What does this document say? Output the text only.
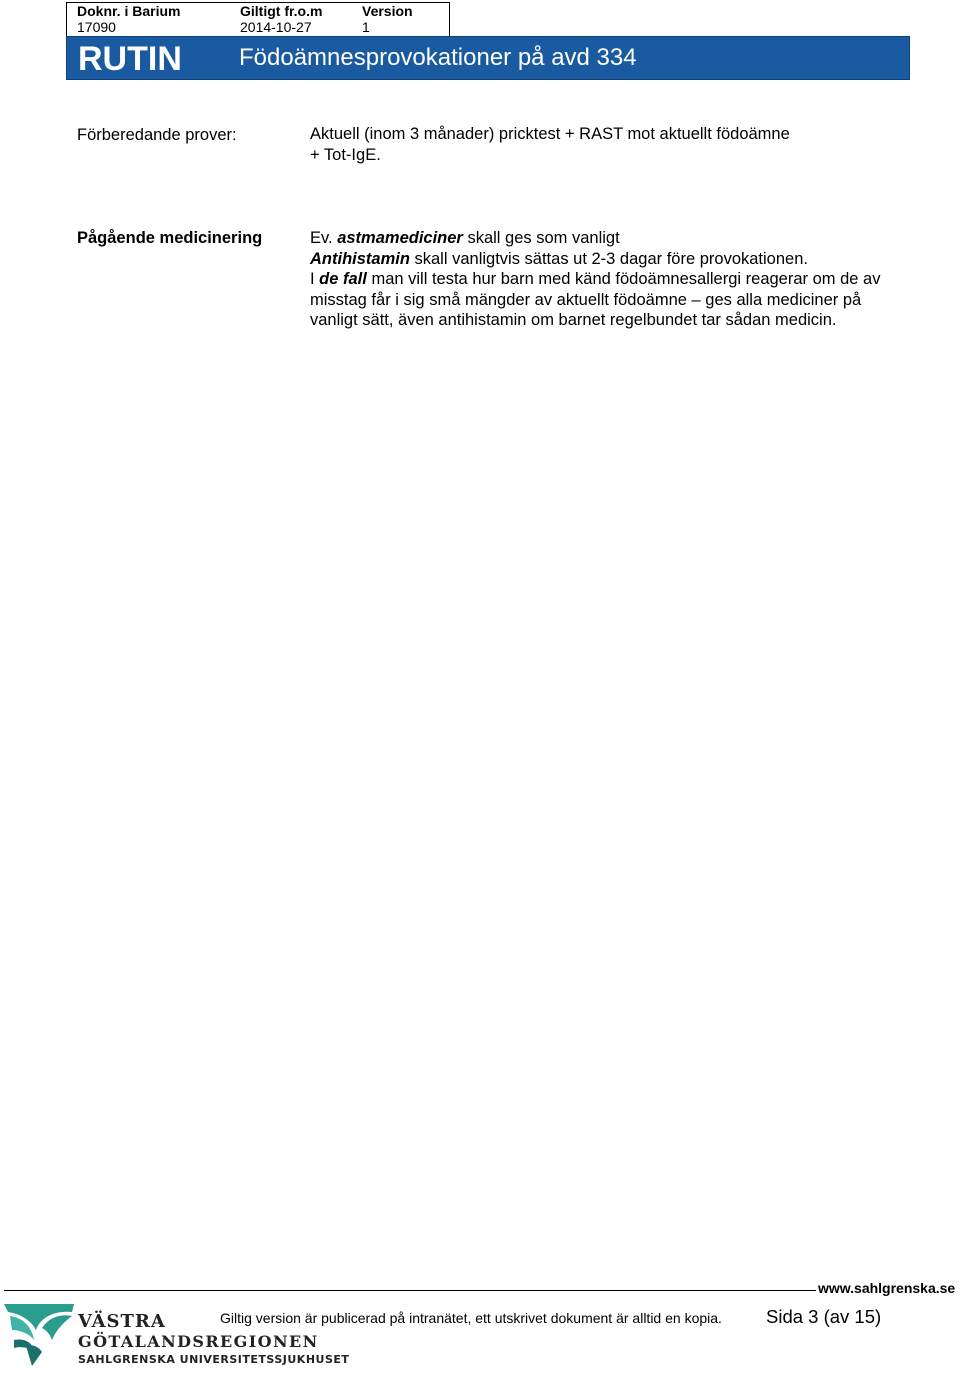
Doknr. i Barium
17090
Giltigt fr.o.m
2014-10-27
Version
1
RUTIN Födoämnesprovokationer på avd 334
Förberedande prover:	Aktuell (inom 3 månader) pricktest + RAST mot aktuellt födoämne

+ Tot-IgE.

Pågående medicinering	Ev. astmamediciner skall ges som vanligt

Antihistamin skall vanligtvis sättas ut 2-3 dagar före provokationen.

I de fall man vill testa hur barn med känd födoämnesallergi reagerar om de av misstag får i sig små mängder av aktuellt födoämne – ges alla mediciner på vanligt sätt, även antihistamin om barnet regelbundet tar sådan medicin.

www.sahlgrenska.se
VÄSTRA
GÖTALANDSREGIONEN
SAHLGRENSKA UNIVERSITETSSJUKHUSET
Giltig version är publicerad på intranätet, ett utskrivet dokument är alltid en kopia. Sida 3 (av 15)
